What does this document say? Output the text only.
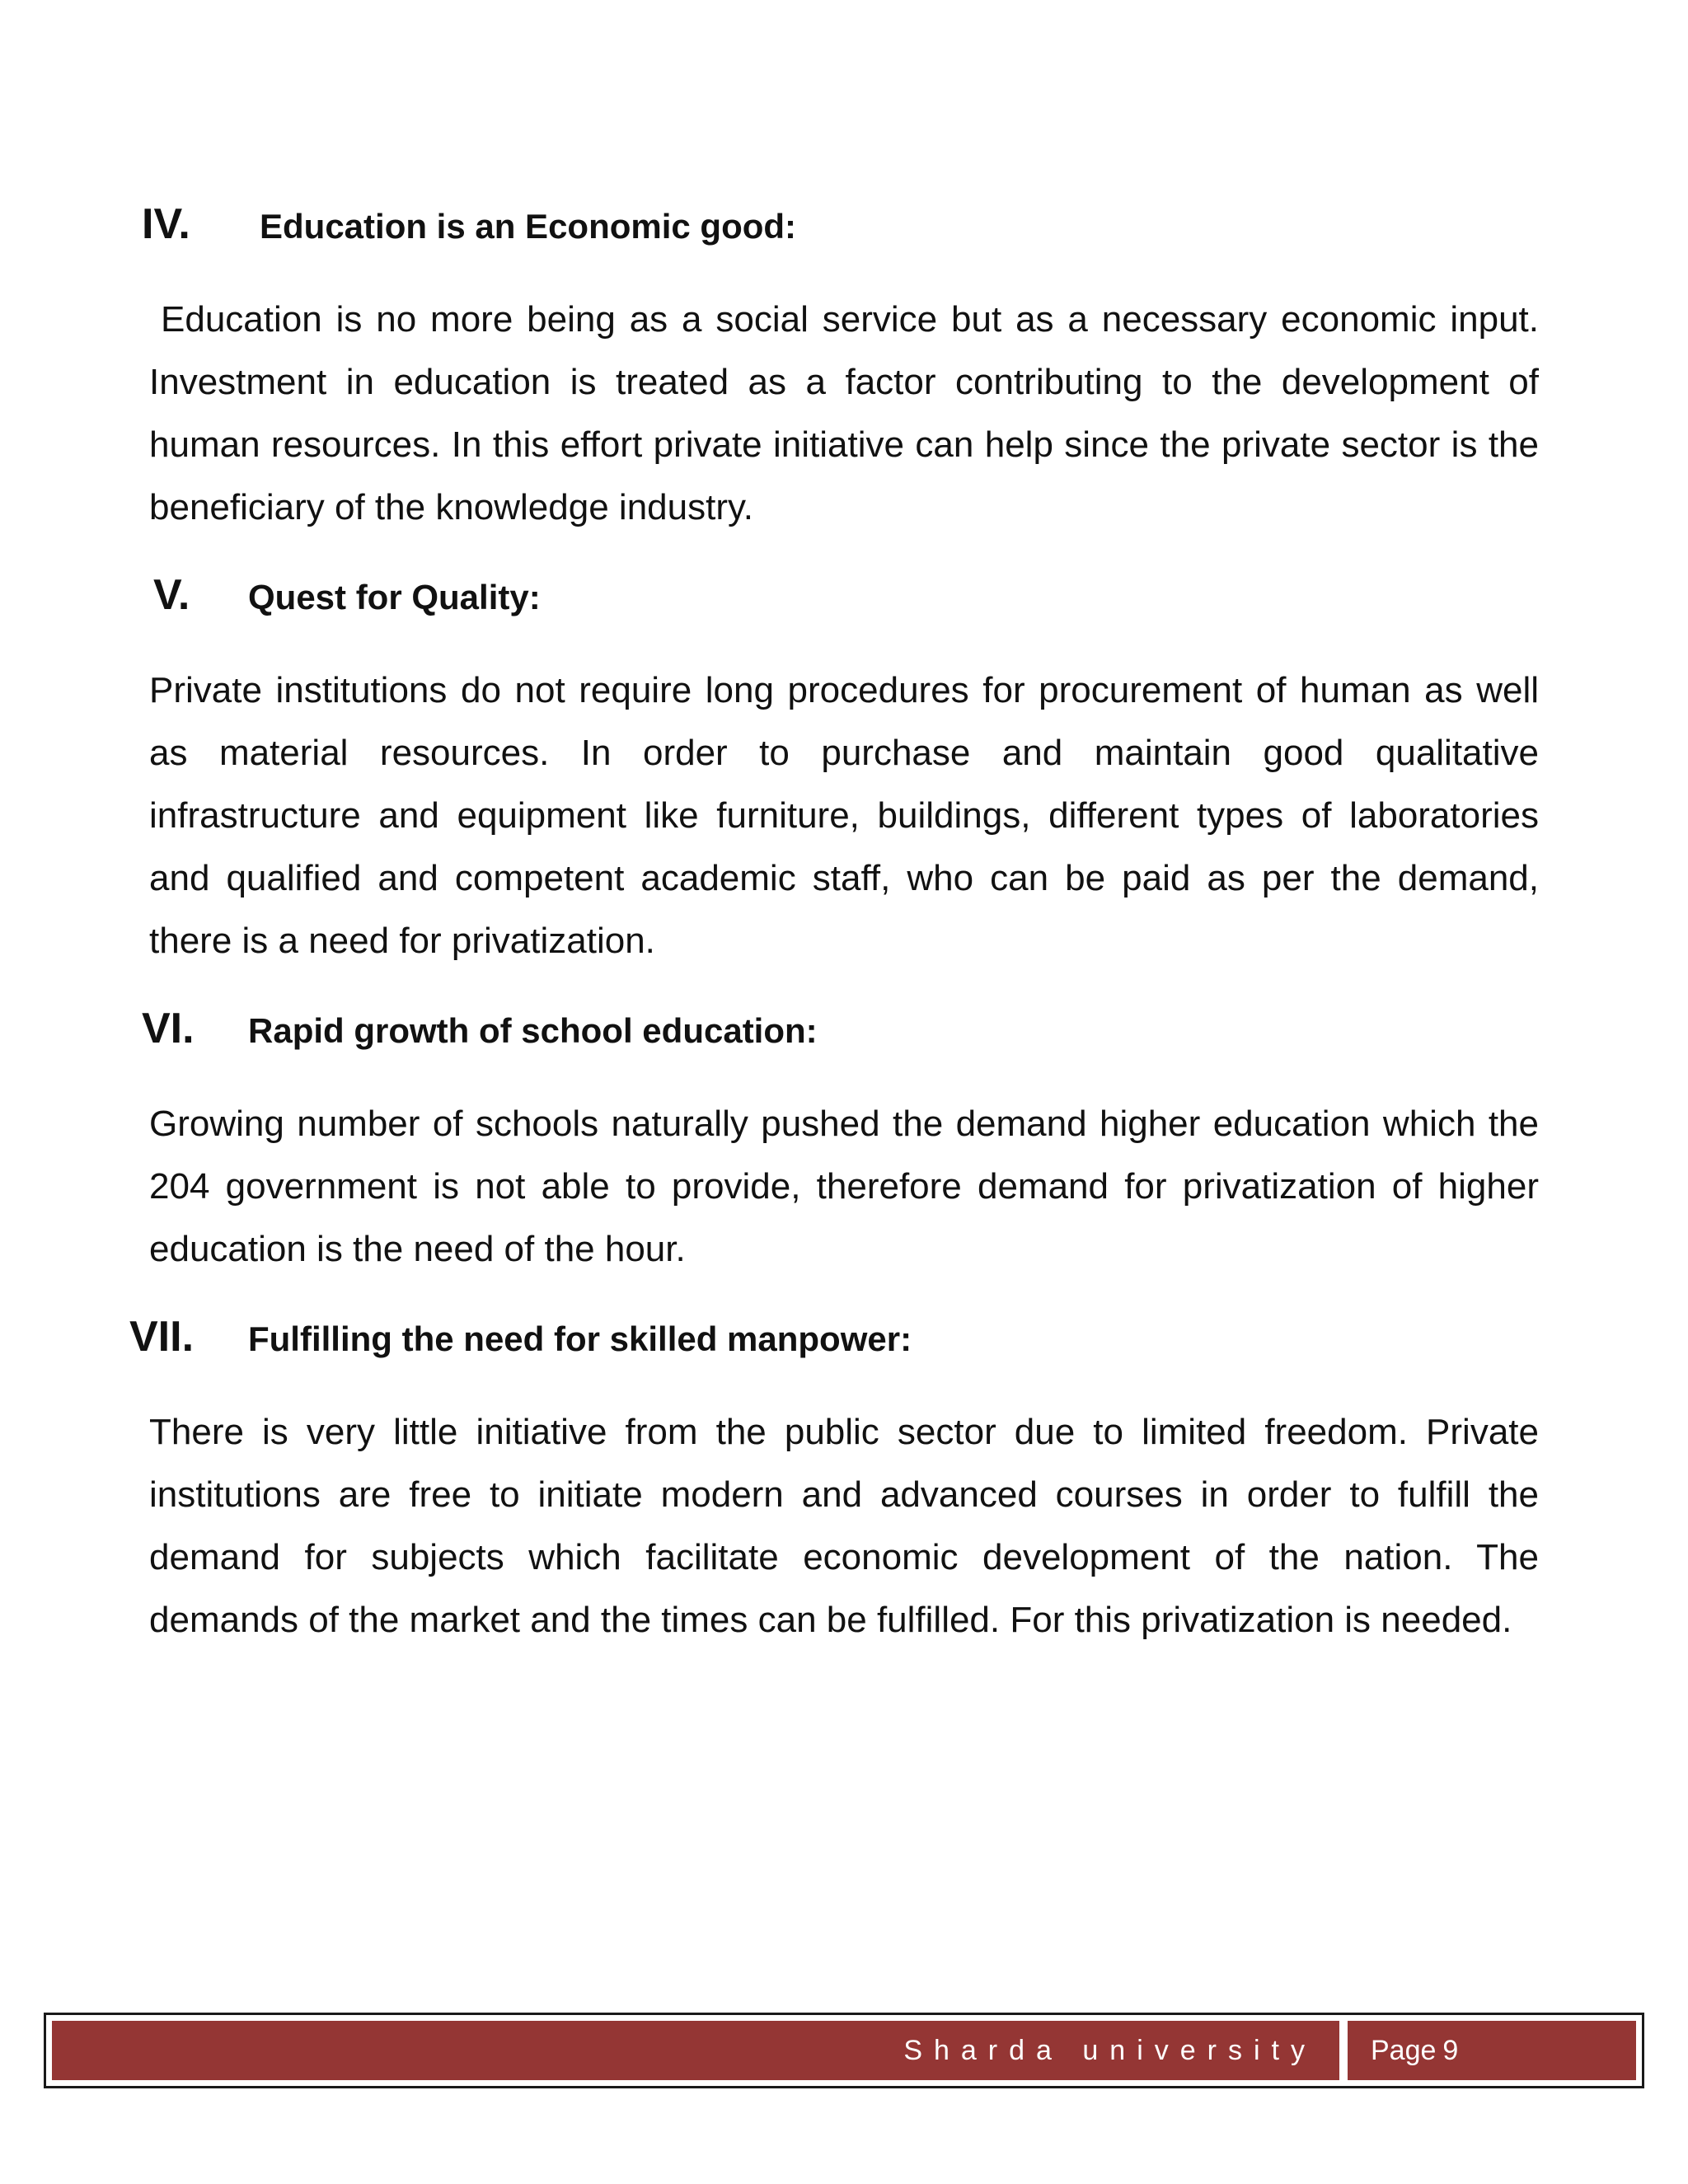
IV.	Education is an Economic good:

Education is no more being as a social service but as a necessary economic input. Investment in education is treated as a factor contributing to the development of human resources. In this effort private initiative can help since the private sector is the beneficiary of the knowledge industry.

V.	Quest for Quality:

Private institutions do not require long procedures for procurement of human as well as material resources. In order to purchase and maintain good qualitative infrastructure and equipment like furniture, buildings, different types of laboratories and qualified and competent academic staff, who can be paid as per the demand, there is a need for privatization.

VI.	Rapid growth of school education:

Growing number of schools naturally pushed the demand higher education which the 204 government is not able to provide, therefore demand for privatization of higher education is the need of the hour.

VII.	Fulfilling the need for skilled manpower:

There is very little initiative from the public sector due to limited freedom. Private institutions are free to initiate modern and advanced courses in order to fulfill the demand for subjects which facilitate economic development of the nation. The demands of the market and the times can be fulfilled. For this privatization is needed.

Sharda university Page 9
